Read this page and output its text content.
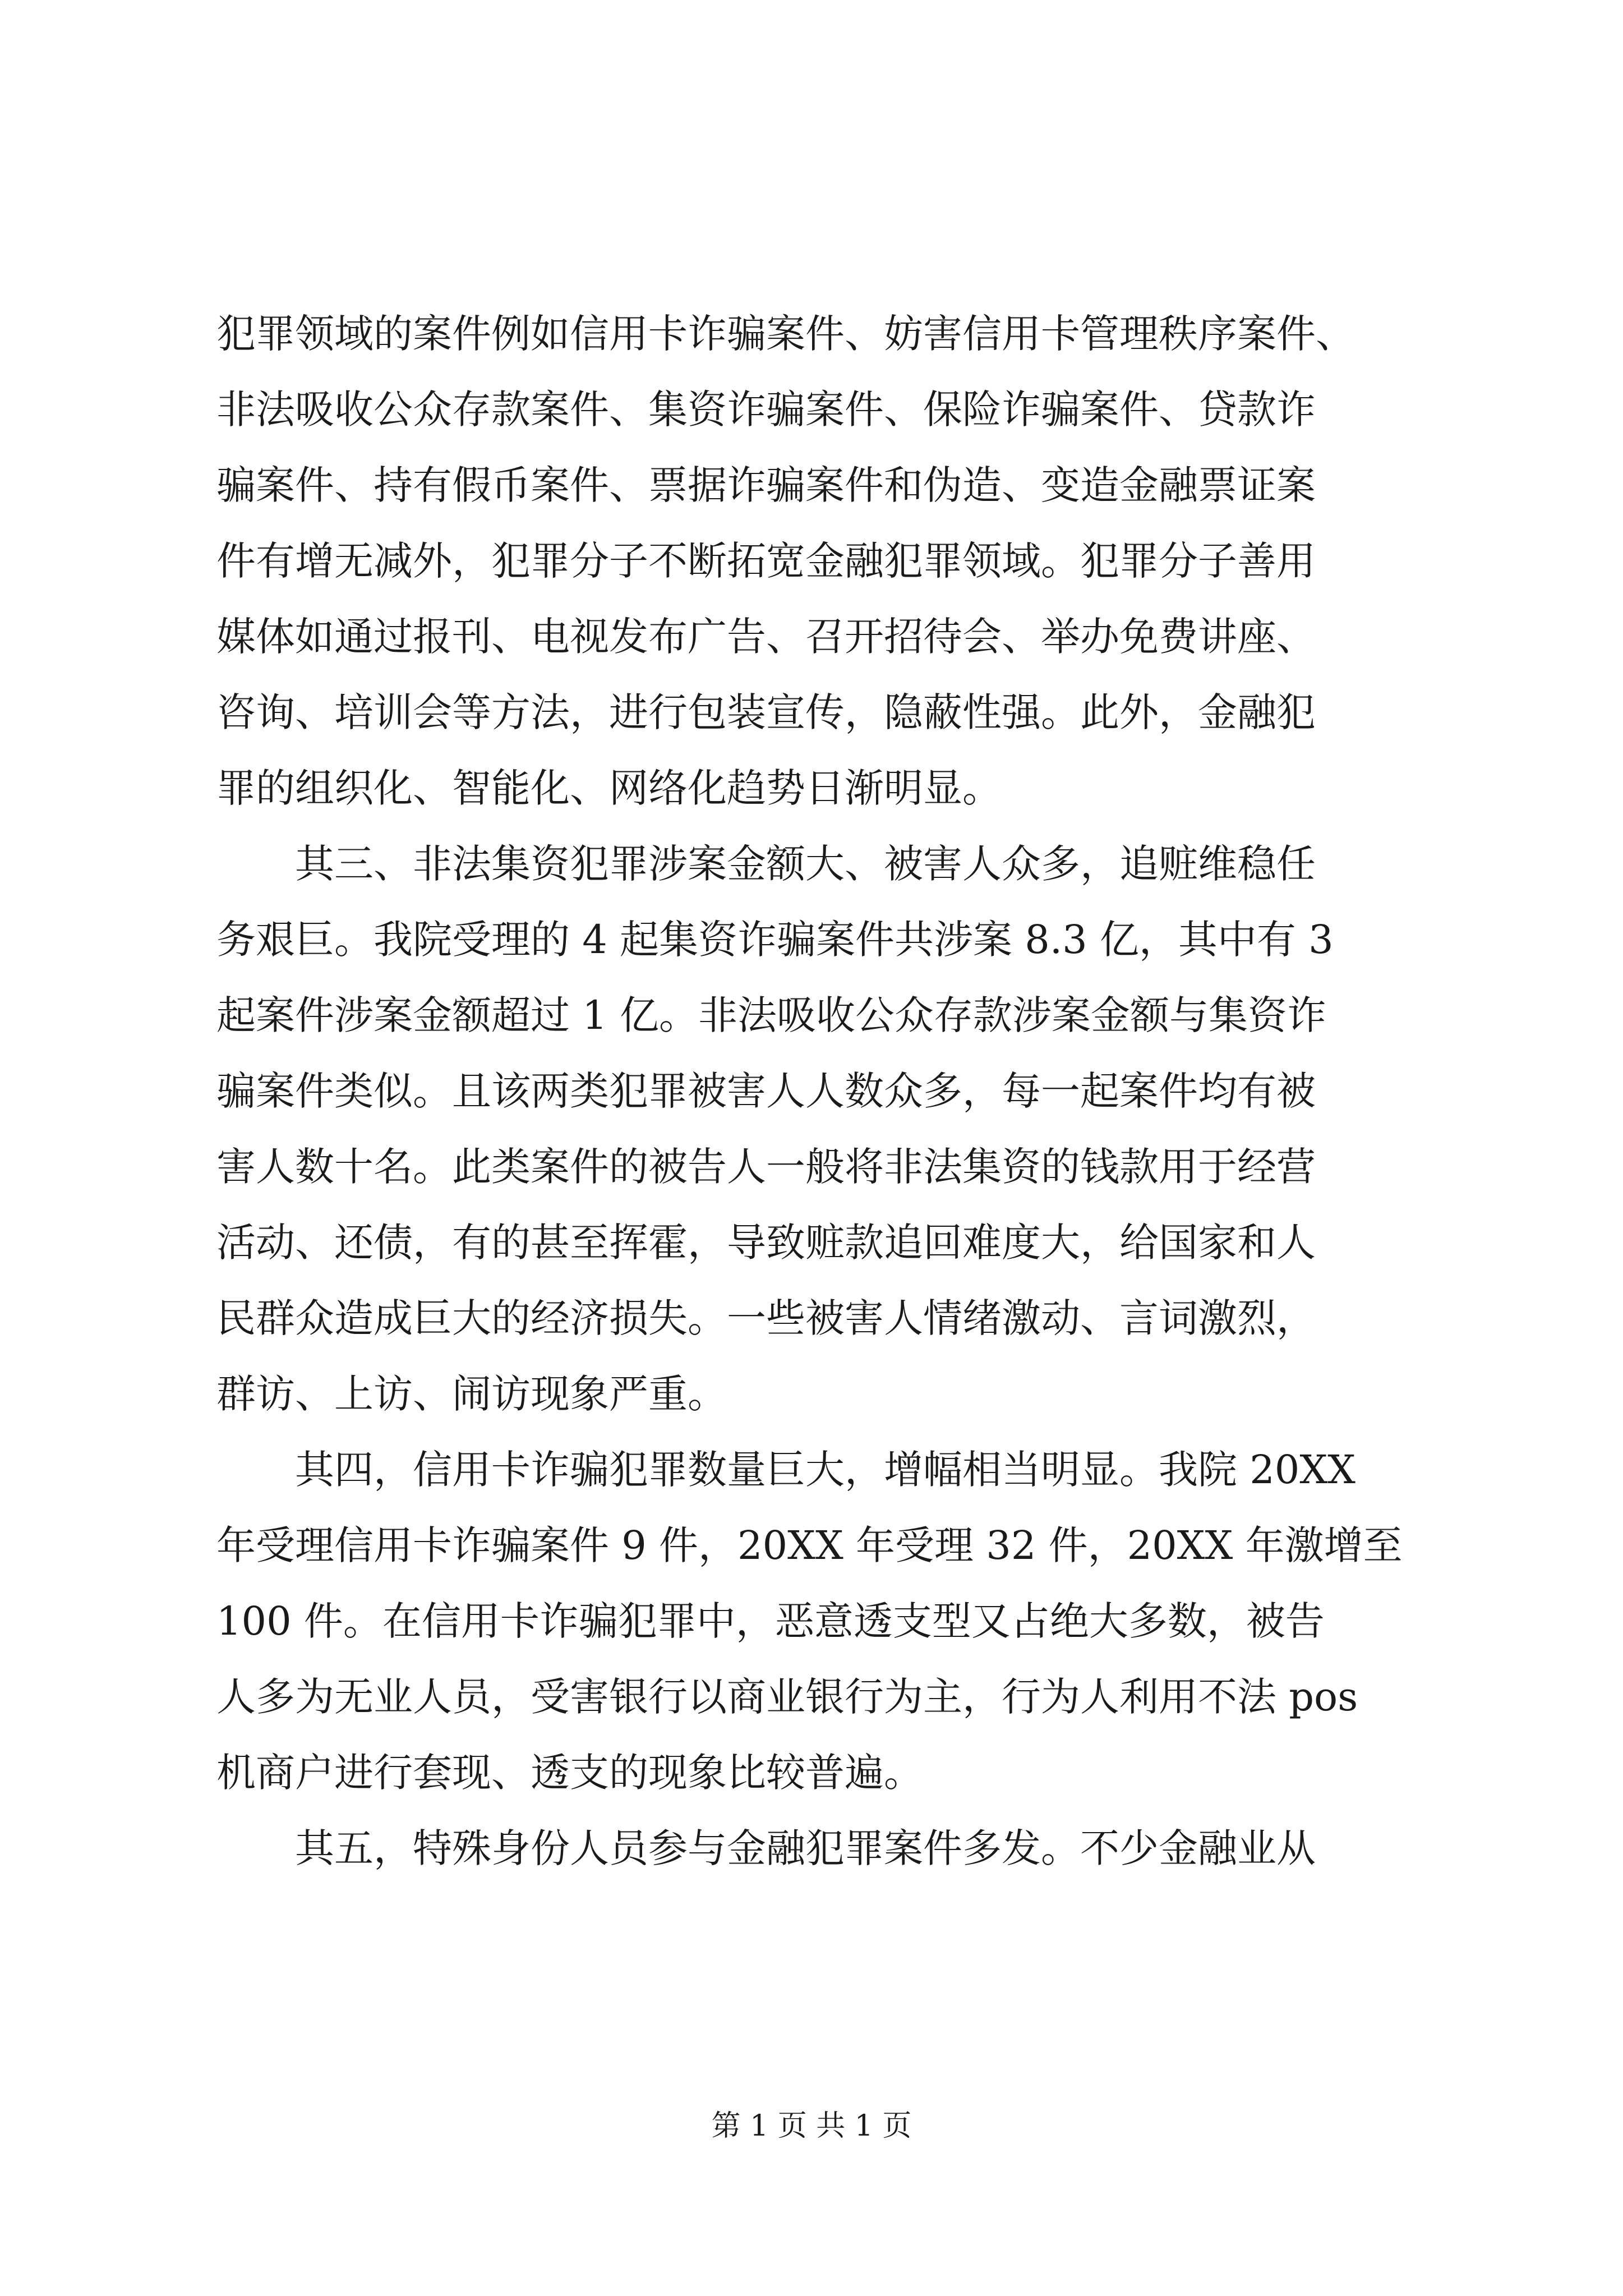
犯罪领域的案件例如信用卡诈骗案件、妨害信用卡管理秩序案件、
非法吸收公众存款案件、集资诈骗案件、保险诈骗案件、贷款诈
骗案件、持有假币案件、票据诈骗案件和伪造、变造金融票证案
件有增无减外，犯罪分子不断拓宽金融犯罪领域。犯罪分子善用
媒体如通过报刊、电视发布广告、召开招待会、举办免费讲座、
咨询、培训会等方法，进行包装宣传，隐蔽性强。此外，金融犯
罪的组织化、智能化、网络化趋势日渐明显。
其三、非法集资犯罪涉案金额大、被害人众多，追赃维稳任
务艰巨。我院受理的 4 起集资诈骗案件共涉案 8.3 亿，其中有 3
起案件涉案金额超过 1 亿。非法吸收公众存款涉案金额与集资诈
骗案件类似。且该两类犯罪被害人人数众多，每一起案件均有被
害人数十名。此类案件的被告人一般将非法集资的钱款用于经营
活动、还债，有的甚至挥霍，导致赃款追回难度大，给国家和人
民群众造成巨大的经济损失。一些被害人情绪激动、言词激烈，
群访、上访、闹访现象严重。
其四，信用卡诈骗犯罪数量巨大，增幅相当明显。我院 20XX
年受理信用卡诈骗案件 9 件，20XX 年受理 32 件，20XX 年激增至
100 件。在信用卡诈骗犯罪中，恶意透支型又占绝大多数，被告
人多为无业人员，受害银行以商业银行为主，行为人利用不法 pos
机商户进行套现、透支的现象比较普遍。
其五，特殊身份人员参与金融犯罪案件多发。不少金融业从
第 1 页 共 1 页
